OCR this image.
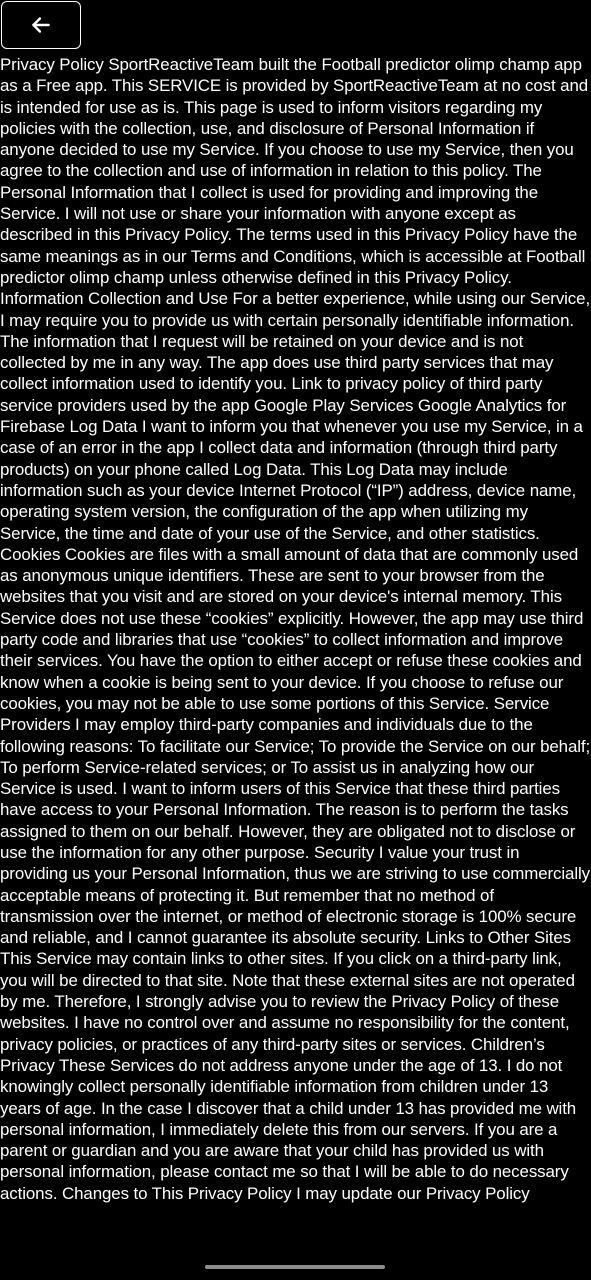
Privacy Policy SportReactiveTeam built the Football predictor olimp champ app as a Free app. This SERVICE is provided by SportReactiveTeam at no cost and is intended for use as is. This page is used to inform visitors regarding my policies with the collection, use, and disclosure of Personal Information if anyone decided to use my Service. If you choose to use my Service, then you agree to the collection and use of information in relation to this policy. The Personal Information that I collect is used for providing and improving the Service. I will not use or share your information with anyone except as described in this Privacy Policy. The terms used in this Privacy Policy have the same meanings as in our Terms and Conditions, which is accessible at Football predictor olimp champ unless otherwise defined in this Privacy Policy. Information Collection and Use For a better experience, while using our Service, I may require you to provide us with certain personally identifiable information. The information that I request will be retained on your device and is not collected by me in any way. The app does use third party services that may collect information used to identify you. Link to privacy policy of third party service providers used by the app Google Play Services Google Analytics for Firebase Log Data I want to inform you that whenever you use my Service, in a case of an error in the app I collect data and information (through third party products) on your phone called Log Data. This Log Data may include information such as your device Internet Protocol (“IP”) address, device name, operating system version, the configuration of the app when utilizing my Service, the time and date of your use of the Service, and other statistics. Cookies Cookies are files with a small amount of data that are commonly used as anonymous unique identifiers. These are sent to your browser from the websites that you visit and are stored on your device's internal memory. This Service does not use these “cookies” explicitly. However, the app may use third party code and libraries that use “cookies” to collect information and improve their services. You have the option to either accept or refuse these cookies and know when a cookie is being sent to your device. If you choose to refuse our cookies, you may not be able to use some portions of this Service. Service Providers I may employ third-party companies and individuals due to the following reasons: To facilitate our Service; To provide the Service on our behalf; To perform Service-related services; or To assist us in analyzing how our Service is used. I want to inform users of this Service that these third parties have access to your Personal Information. The reason is to perform the tasks assigned to them on our behalf. However, they are obligated not to disclose or use the information for any other purpose. Security I value your trust in providing us your Personal Information, thus we are striving to use commercially acceptable means of protecting it. But remember that no method of transmission over the internet, or method of electronic storage is 100% secure and reliable, and I cannot guarantee its absolute security. Links to Other Sites This Service may contain links to other sites. If you click on a third-party link, you will be directed to that site. Note that these external sites are not operated by me. Therefore, I strongly advise you to review the Privacy Policy of these websites. I have no control over and assume no responsibility for the content, privacy policies, or practices of any third-party sites or services. Children’s Privacy These Services do not address anyone under the age of 13. I do not knowingly collect personally identifiable information from children under 13 years of age. In the case I discover that a child under 13 has provided me with personal information, I immediately delete this from our servers. If you are a parent or guardian and you are aware that your child has provided us with personal information, please contact me so that I will be able to do necessary actions. Changes to This Privacy Policy I may update our Privacy Policy
